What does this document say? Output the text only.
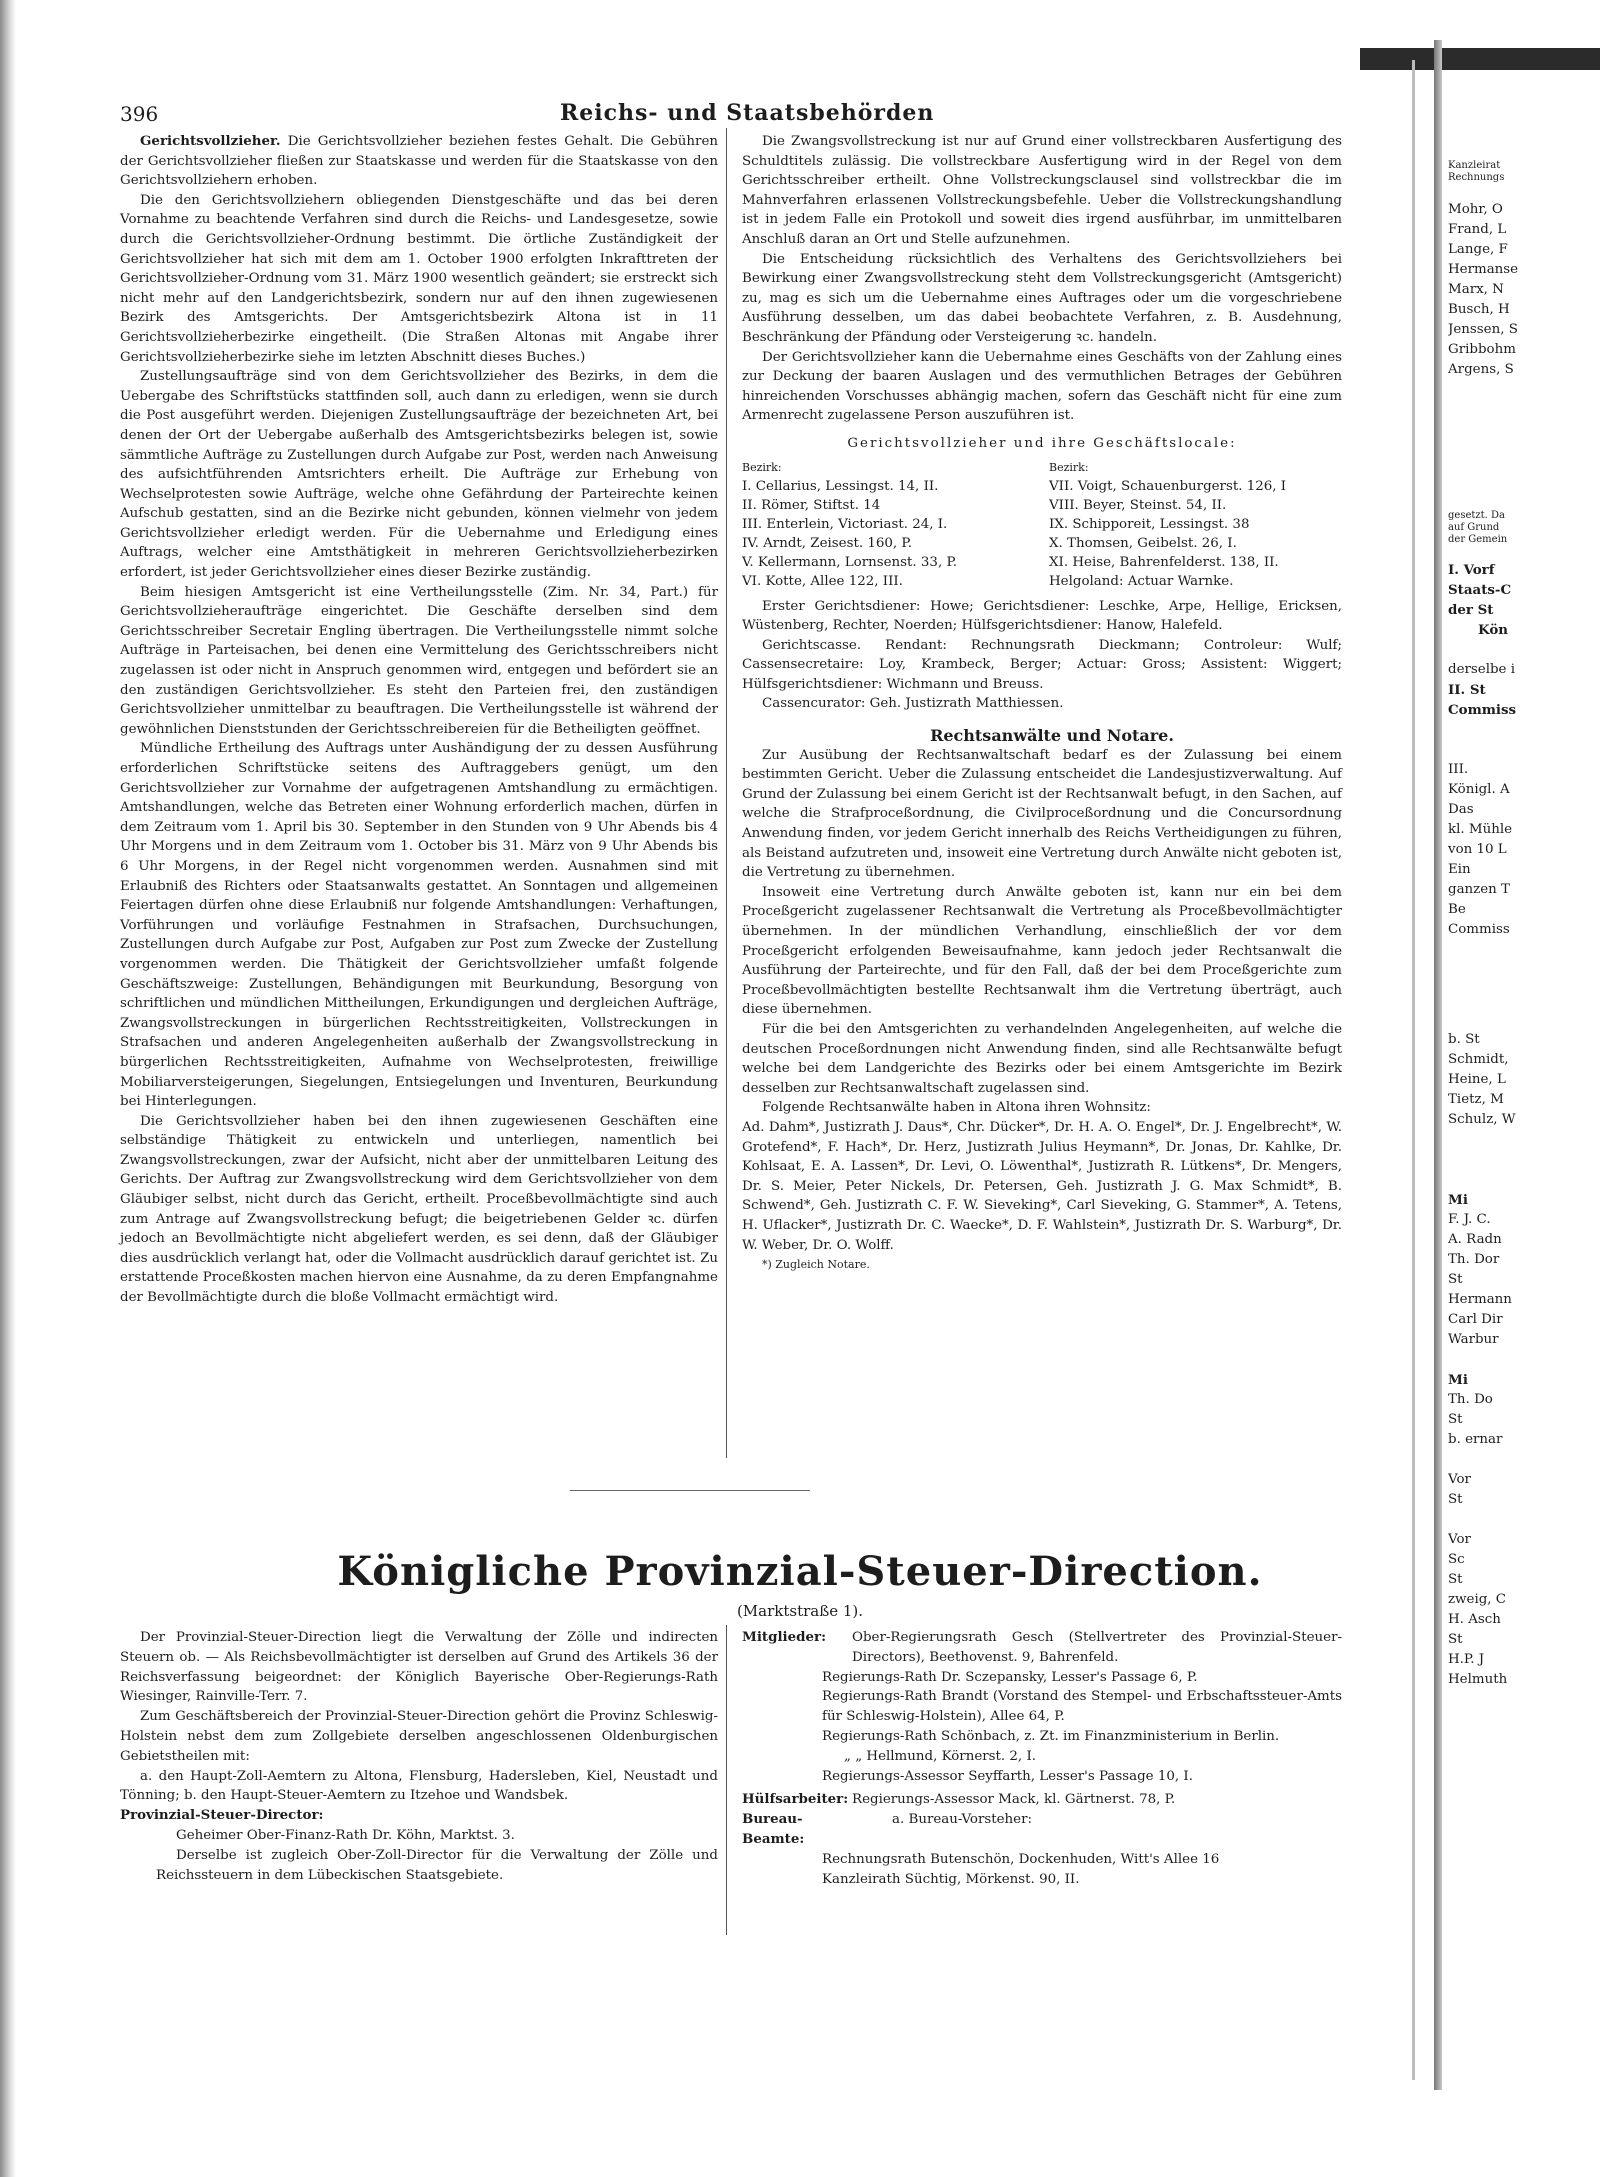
396	Reichs- und Staatsbehörden

Gerichtsvollzieher. Die Gerichtsvollzieher beziehen festes Gehalt. Die Gebühren der Gerichtsvollzieher fließen zur Staatskasse und werden für die Staatskasse von den Gerichtsvollziehern erhoben.

Die den Gerichtsvollziehern obliegenden Dienstgeschäfte und das bei deren Vornahme zu beachtende Verfahren sind durch die Reichs- und Landesgesetze, sowie durch die Gerichtsvollzieher-Ordnung bestimmt. Die örtliche Zuständigkeit der Gerichtsvollzieher hat sich mit dem am 1. October 1900 erfolgten Inkrafttreten der Gerichtsvollzieher-Ordnung vom 31. März 1900 wesentlich geändert; sie erstreckt sich nicht mehr auf den Landgerichtsbezirk, sondern nur auf den ihnen zugewiesenen Bezirk des Amtsgerichts. Der Amtsgerichtsbezirk Altona ist in 11 Gerichtsvollzieherbezirke eingetheilt. (Die Straßen Altonas mit Angabe ihrer Gerichtsvollzieherbezirke siehe im letzten Abschnitt dieses Buches.)

Zustellungsaufträge sind von dem Gerichtsvollzieher des Bezirks, in dem die Uebergabe des Schriftstücks stattfinden soll, auch dann zu erledigen, wenn sie durch die Post ausgeführt werden. Diejenigen Zustellungsaufträge der bezeichneten Art, bei denen der Ort der Uebergabe außerhalb des Amtsgerichtsbezirks belegen ist, sowie sämmtliche Aufträge zu Zustellungen durch Aufgabe zur Post, werden nach Anweisung des aufsichtführenden Amtsrichters erheilt. Die Aufträge zur Erhebung von Wechselprotesten sowie Aufträge, welche ohne Gefährdung der Parteirechte keinen Aufschub gestatten, sind an die Bezirke nicht gebunden, können vielmehr von jedem Gerichtsvollzieher erledigt werden. Für die Uebernahme und Erledigung eines Auftrags, welcher eine Amtsthätigkeit in mehreren Gerichtsvollzieherbezirken erfordert, ist jeder Gerichtsvollzieher eines dieser Bezirke zuständig.

Beim hiesigen Amtsgericht ist eine Vertheilungsstelle (Zim. Nr. 34, Part.) für Gerichtsvollzieheraufträge eingerichtet. Die Geschäfte derselben sind dem Gerichtsschreiber Secretair Engling übertragen. Die Vertheilungsstelle nimmt solche Aufträge in Parteisachen, bei denen eine Vermittelung des Gerichtsschreibers nicht zugelassen ist oder nicht in Anspruch genommen wird, entgegen und befördert sie an den zuständigen Gerichtsvollzieher. Es steht den Parteien frei, den zuständigen Gerichtsvollzieher unmittelbar zu beauftragen. Die Vertheilungsstelle ist während der gewöhnlichen Dienststunden der Gerichtsschreibereien für die Betheiligten geöffnet.

Mündliche Ertheilung des Auftrags unter Aushändigung der zu dessen Ausführung erforderlichen Schriftstücke seitens des Auftraggebers genügt, um den Gerichtsvollzieher zur Vornahme der aufgetragenen Amtshandlung zu ermächtigen. Amtshandlungen, welche das Betreten einer Wohnung erforderlich machen, dürfen in dem Zeitraum vom 1. April bis 30. September in den Stunden von 9 Uhr Abends bis 4 Uhr Morgens und in dem Zeitraum vom 1. October bis 31. März von 9 Uhr Abends bis 6 Uhr Morgens, in der Regel nicht vorgenommen werden. Ausnahmen sind mit Erlaubniß des Richters oder Staatsanwalts gestattet. An Sonntagen und allgemeinen Feiertagen dürfen ohne diese Erlaubniß nur folgende Amtshandlungen: Verhaftungen, Vorführungen und vorläufige Festnahmen in Strafsachen, Durchsuchungen, Zustellungen durch Aufgabe zur Post, Aufgaben zur Post zum Zwecke der Zustellung vorgenommen werden. Die Thätigkeit der Gerichtsvollzieher umfaßt folgende Geschäftszweige: Zustellungen, Behändigungen mit Beurkundung, Besorgung von schriftlichen und mündlichen Mittheilungen, Erkundigungen und dergleichen Aufträge, Zwangsvollstreckungen in bürgerlichen Rechtsstreitigkeiten, Vollstreckungen in Strafsachen und anderen Angelegenheiten außerhalb der Zwangsvollstreckung in bürgerlichen Rechtsstreitigkeiten, Aufnahme von Wechselprotesten, freiwillige Mobiliarversteigerungen, Siegelungen, Entsiegelungen und Inventuren, Beurkundung bei Hinterlegungen.

Die Gerichtsvollzieher haben bei den ihnen zugewiesenen Geschäften eine selbständige Thätigkeit zu entwickeln und unterliegen, namentlich bei Zwangsvollstreckungen, zwar der Aufsicht, nicht aber der unmittelbaren Leitung des Gerichts. Der Auftrag zur Zwangsvollstreckung wird dem Gerichtsvollzieher von dem Gläubiger selbst, nicht durch das Gericht, ertheilt. Proceßbevollmächtigte sind auch zum Antrage auf Zwangsvollstreckung befugt; die beigetriebenen Gelder ꝛc. dürfen jedoch an Bevollmächtigte nicht abgeliefert werden, es sei denn, daß der Gläubiger dies ausdrücklich verlangt hat, oder die Vollmacht ausdrücklich darauf gerichtet ist. Zu erstattende Proceßkosten machen hiervon eine Ausnahme, da zu deren Empfangnahme der Bevollmächtigte durch die bloße Vollmacht ermächtigt wird.

Die Zwangsvollstreckung ist nur auf Grund einer vollstreckbaren Ausfertigung des Schuldtitels zulässig. Die vollstreckbare Ausfertigung wird in der Regel von dem Gerichtsschreiber ertheilt. Ohne Vollstreckungsclausel sind vollstreckbar die im Mahnverfahren erlassenen Vollstreckungsbefehle. Ueber die Vollstreckungshandlung ist in jedem Falle ein Protokoll und soweit dies irgend ausführbar, im unmittelbaren Anschluß daran an Ort und Stelle aufzunehmen.

Die Entscheidung rücksichtlich des Verhaltens des Gerichtsvollziehers bei Bewirkung einer Zwangsvollstreckung steht dem Vollstreckungsgericht (Amtsgericht) zu, mag es sich um die Uebernahme eines Auftrages oder um die vorgeschriebene Ausführung desselben, um das dabei beobachtete Verfahren, z. B. Ausdehnung, Beschränkung der Pfändung oder Versteigerung ꝛc. handeln.

Der Gerichtsvollzieher kann die Uebernahme eines Geschäfts von der Zahlung eines zur Deckung der baaren Auslagen und des vermuthlichen Betrages der Gebühren hinreichenden Vorschusses abhängig machen, sofern das Geschäft nicht für eine zum Armenrecht zugelassene Person auszuführen ist.

Gerichtsvollzieher und ihre Geschäftslocale:

Bezirk:	Bezirk:
I. Cellarius, Lessingst. 14, II.	VII. Voigt, Schauenburgerst. 126, I
II. Römer, Stiftst. 14	VIII. Beyer, Steinst. 54, II.
III. Enterlein, Victoriast. 24, I.	IX. Schipporeit, Lessingst. 38
IV. Arndt, Zeisest. 160, P.	X. Thomsen, Geibelst. 26, I.
V. Kellermann, Lornsenst. 33, P.	XI. Heise, Bahrenfelderst. 138, II.
VI. Kotte, Allee 122, III.	Helgoland: Actuar Warnke.

Erster Gerichtsdiener: Howe; Gerichtsdiener: Leschke, Arpe, Hellige, Ericksen, Wüstenberg, Rechter, Noerden; Hülfsgerichtsdiener: Hanow, Halefeld.

Gerichtscasse. Rendant: Rechnungsrath Dieckmann; Controleur: Wulf; Cassensecretaire: Loy, Krambeck, Berger; Actuar: Gross; Assistent: Wiggert; Hülfsgerichtsdiener: Wichmann und Breuss.

Cassencurator: Geh. Justizrath Matthiessen.

Rechtsanwälte und Notare.

Zur Ausübung der Rechtsanwaltschaft bedarf es der Zulassung bei einem bestimmten Gericht. Ueber die Zulassung entscheidet die Landesjustizverwaltung. Auf Grund der Zulassung bei einem Gericht ist der Rechtsanwalt befugt, in den Sachen, auf welche die Strafproceßordnung, die Civilproceßordnung und die Concursordnung Anwendung finden, vor jedem Gericht innerhalb des Reichs Vertheidigungen zu führen, als Beistand aufzutreten und, insoweit eine Vertretung durch Anwälte nicht geboten ist, die Vertretung zu übernehmen.

Insoweit eine Vertretung durch Anwälte geboten ist, kann nur ein bei dem Proceßgericht zugelassener Rechtsanwalt die Vertretung als Proceßbevollmächtigter übernehmen. In der mündlichen Verhandlung, einschließlich der vor dem Proceßgericht erfolgenden Beweisaufnahme, kann jedoch jeder Rechtsanwalt die Ausführung der Parteirechte, und für den Fall, daß der bei dem Proceßgerichte zum Proceßbevollmächtigten bestellte Rechtsanwalt ihm die Vertretung überträgt, auch diese übernehmen.

Für die bei den Amtsgerichten zu verhandelnden Angelegenheiten, auf welche die deutschen Proceßordnungen nicht Anwendung finden, sind alle Rechtsanwälte befugt welche bei dem Landgerichte des Bezirks oder bei einem Amtsgerichte im Bezirk desselben zur Rechtsanwaltschaft zugelassen sind.

Folgende Rechtsanwälte haben in Altona ihren Wohnsitz:

Ad. Dahm*, Justizrath J. Daus*, Chr. Dücker*, Dr. H. A. O. Engel*, Dr. J. Engelbrecht*, W. Grotefend*, F. Hach*, Dr. Herz, Justizrath Julius Heymann*, Dr. Jonas, Dr. Kahlke, Dr. Kohlsaat, E. A. Lassen*, Dr. Levi, O. Löwenthal*, Justizrath R. Lütkens*, Dr. Mengers, Dr. S. Meier, Peter Nickels, Dr. Petersen, Geh. Justizrath J. G. Max Schmidt*, B. Schwend*, Geh. Justizrath C. F. W. Sieveking*, Carl Sieveking, G. Stammer*, A. Tetens, H. Uflacker*, Justizrath Dr. C. Waecke*, D. F. Wahlstein*, Justizrath Dr. S. Warburg*, Dr. W. Weber, Dr. O. Wolff.

*) Zugleich Notare.

Königliche Provinzial-Steuer-Direction.
(Marktstraße 1).

Der Provinzial-Steuer-Direction liegt die Verwaltung der Zölle und indirecten Steuern ob. — Als Reichsbevollmächtigter ist derselben auf Grund des Artikels 36 der Reichsverfassung beigeordnet: der Königlich Bayerische Ober-Regierungs-Rath Wiesinger, Rainville-Terr. 7.

Zum Geschäftsbereich der Provinzial-Steuer-Direction gehört die Provinz Schleswig-Holstein nebst dem zum Zollgebiete derselben angeschlossenen Oldenburgischen Gebietstheilen mit:

a. den Haupt-Zoll-Aemtern zu Altona, Flensburg, Hadersleben, Kiel, Neustadt und Tönning; b. den Haupt-Steuer-Aemtern zu Itzehoe und Wandsbek.

Provinzial-Steuer-Director:

Geheimer Ober-Finanz-Rath Dr. Köhn, Marktst. 3.

Derselbe ist zugleich Ober-Zoll-Director für die Verwaltung der Zölle und Reichssteuern in dem Lübeckischen Staatsgebiete.

Mitglieder:	Ober-Regierungsrath Gesch (Stellvertreter des Provinzial-Steuer-Directors), Beethovenst. 9, Bahrenfeld.
Regierungs-Rath Dr. Sczepansky, Lesser's Passage 6, P.
Regierungs-Rath Brandt (Vorstand des Stempel- und Erbschaftssteuer-Amts für Schleswig-Holstein), Allee 64, P.
Regierungs-Rath Schönbach, z. Zt. im Finanzministerium in Berlin.
„ „ Hellmund, Körnerst. 2, I.
Regierungs-Assessor Seyffarth, Lesser's Passage 10, I.
Hülfsarbeiter: Regierungs-Assessor Mack, kl. Gärtnerst. 78, P.
Bureau-Beamte:
a. Bureau-Vorsteher:
Rechnungsrath Butenschön, Dockenhuden, Witt's Allee 16
Kanzleirath Süchtig, Mörkenst. 90, II.
Kanzleirat
Rechnungs
Mohr, O
Frand, L
Lange, F
Hermanse
Marx, N
Busch, H
Jenssen, S
Gribbohm
Argens, S
gesetzt. Da
auf Grund
der Gemein
I. Vorf
Staats-C
der St
Kön
derselbe i
II. St
Commiss
III.
Königl. A
Das
kl. Mühle
von 10 L
Ein
ganzen T
Be
Commiss
b. St
Schmidt,
Heine, L
Tietz, M
Schulz, W
Mi
F. J. C.
A. Radn
Th. Dor
St
Hermann
Carl Dir
Warbur
Mi
Th. Do
St
b. ernar
Vor
St
Vor
Sc
St
zweig, C
H. Asch
St
H.P. J
Helmuth
